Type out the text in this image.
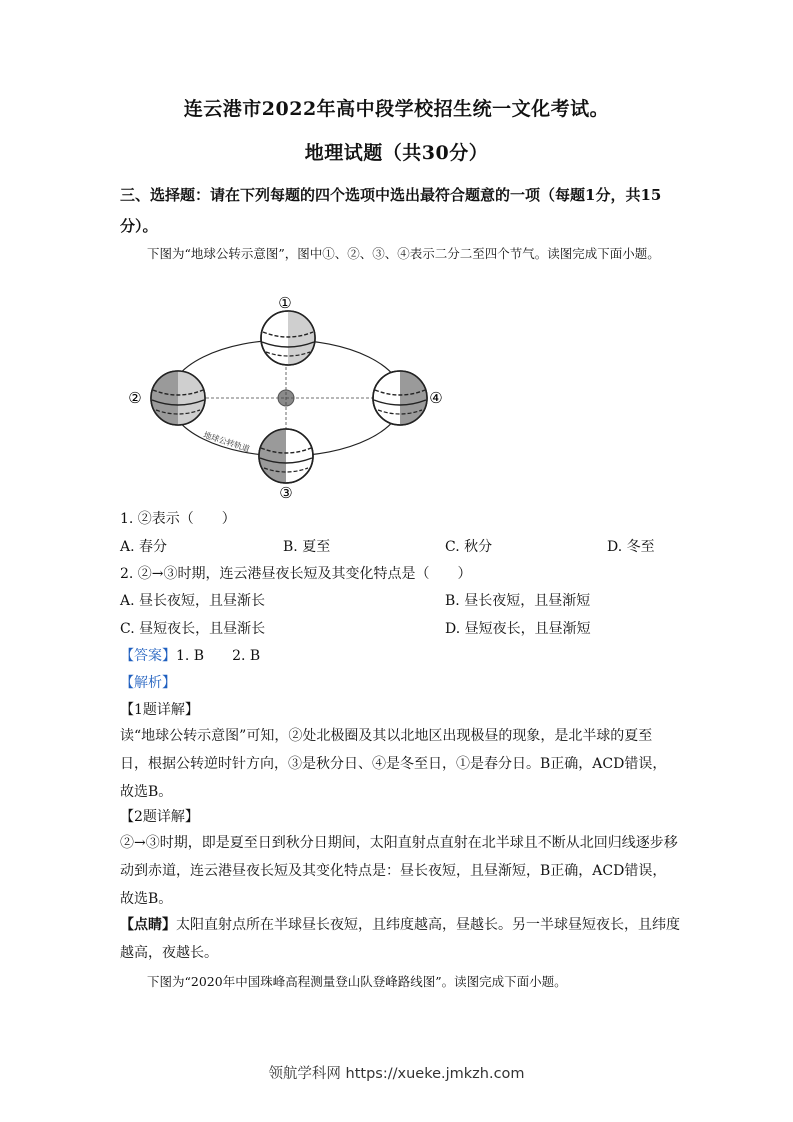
连云港市2022年高中段学校招生统一文化考试。
地理试题（共30分）
三、选择题：请在下列每题的四个选项中选出最符合题意的一项（每题1分，共15分）。
下图为“地球公转示意图”，图中①、②、③、④表示二分二至四个节气。读图完成下面小题。
①
②
③
④
地球公转轨道
1. ②表示（　　）
A. 春分	B. 夏至	C. 秋分	D. 冬至
2. ②→③时期，连云港昼夜长短及其变化特点是（　　）
A. 昼长夜短，且昼渐长	B. 昼长夜短，且昼渐短
C. 昼短夜长，且昼渐长	D. 昼短夜长，且昼渐短
【答案】1. B　　2. B
【解析】
【1题详解】
读“地球公转示意图”可知，②处北极圈及其以北地区出现极昼的现象，是北半球的夏至日，根据公转逆时针方向，③是秋分日、④是冬至日，①是春分日。B正确，ACD错误，故选B。
【2题详解】
②→③时期，即是夏至日到秋分日期间，太阳直射点直射在北半球且不断从北回归线逐步移动到赤道，连云港昼夜长短及其变化特点是：昼长夜短，且昼渐短，B正确，ACD错误，故选B。
【点睛】太阳直射点所在半球昼长夜短，且纬度越高，昼越长。另一半球昼短夜长，且纬度越高，夜越长。
下图为“2020年中国珠峰高程测量登山队登峰路线图”。读图完成下面小题。
领航学科网 https://xueke.jmkzh.com
